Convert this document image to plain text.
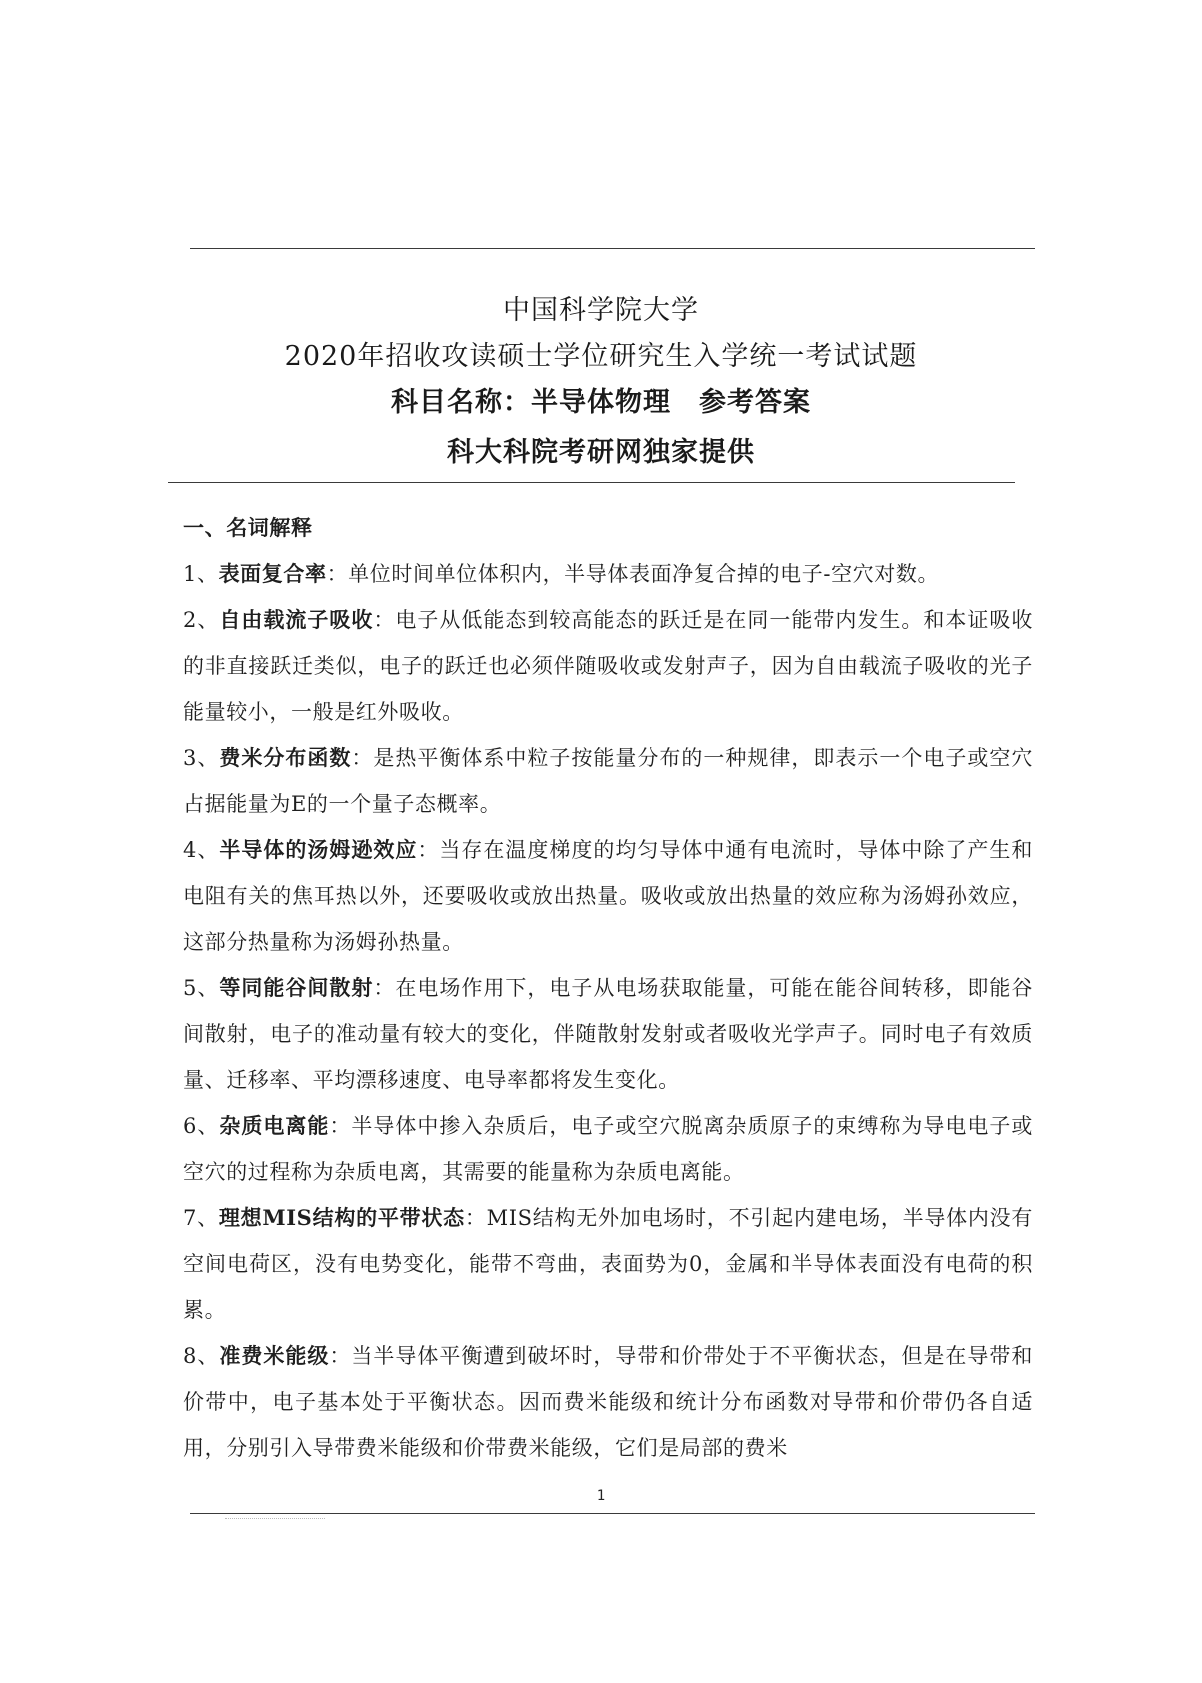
中国科学院大学
2020年招收攻读硕士学位研究生入学统一考试试题
科目名称：半导体物理　参考答案
科大科院考研网独家提供
一、名词解释
1、表面复合率：单位时间单位体积内，半导体表面净复合掉的电子-空穴对数。
2、自由载流子吸收：电子从低能态到较高能态的跃迁是在同一能带内发生。和本证吸收的非直接跃迁类似，电子的跃迁也必须伴随吸收或发射声子，因为自由载流子吸收的光子能量较小，一般是红外吸收。
3、费米分布函数：是热平衡体系中粒子按能量分布的一种规律，即表示一个电子或空穴占据能量为E的一个量子态概率。
4、半导体的汤姆逊效应：当存在温度梯度的均匀导体中通有电流时，导体中除了产生和电阻有关的焦耳热以外，还要吸收或放出热量。吸收或放出热量的效应称为汤姆孙效应，这部分热量称为汤姆孙热量。
5、等同能谷间散射：在电场作用下，电子从电场获取能量，可能在能谷间转移，即能谷间散射，电子的准动量有较大的变化，伴随散射发射或者吸收光学声子。同时电子有效质量、迁移率、平均漂移速度、电导率都将发生变化。
6、杂质电离能：半导体中掺入杂质后，电子或空穴脱离杂质原子的束缚称为导电电子或空穴的过程称为杂质电离，其需要的能量称为杂质电离能。
7、理想MIS结构的平带状态：MIS结构无外加电场时，不引起内建电场，半导体内没有空间电荷区，没有电势变化，能带不弯曲，表面势为0，金属和半导体表面没有电荷的积累。
8、准费米能级：当半导体平衡遭到破坏时，导带和价带处于不平衡状态，但是在导带和价带中，电子基本处于平衡状态。因而费米能级和统计分布函数对导带和价带仍各自适用，分别引入导带费米能级和价带费米能级，它们是局部的费米
1
